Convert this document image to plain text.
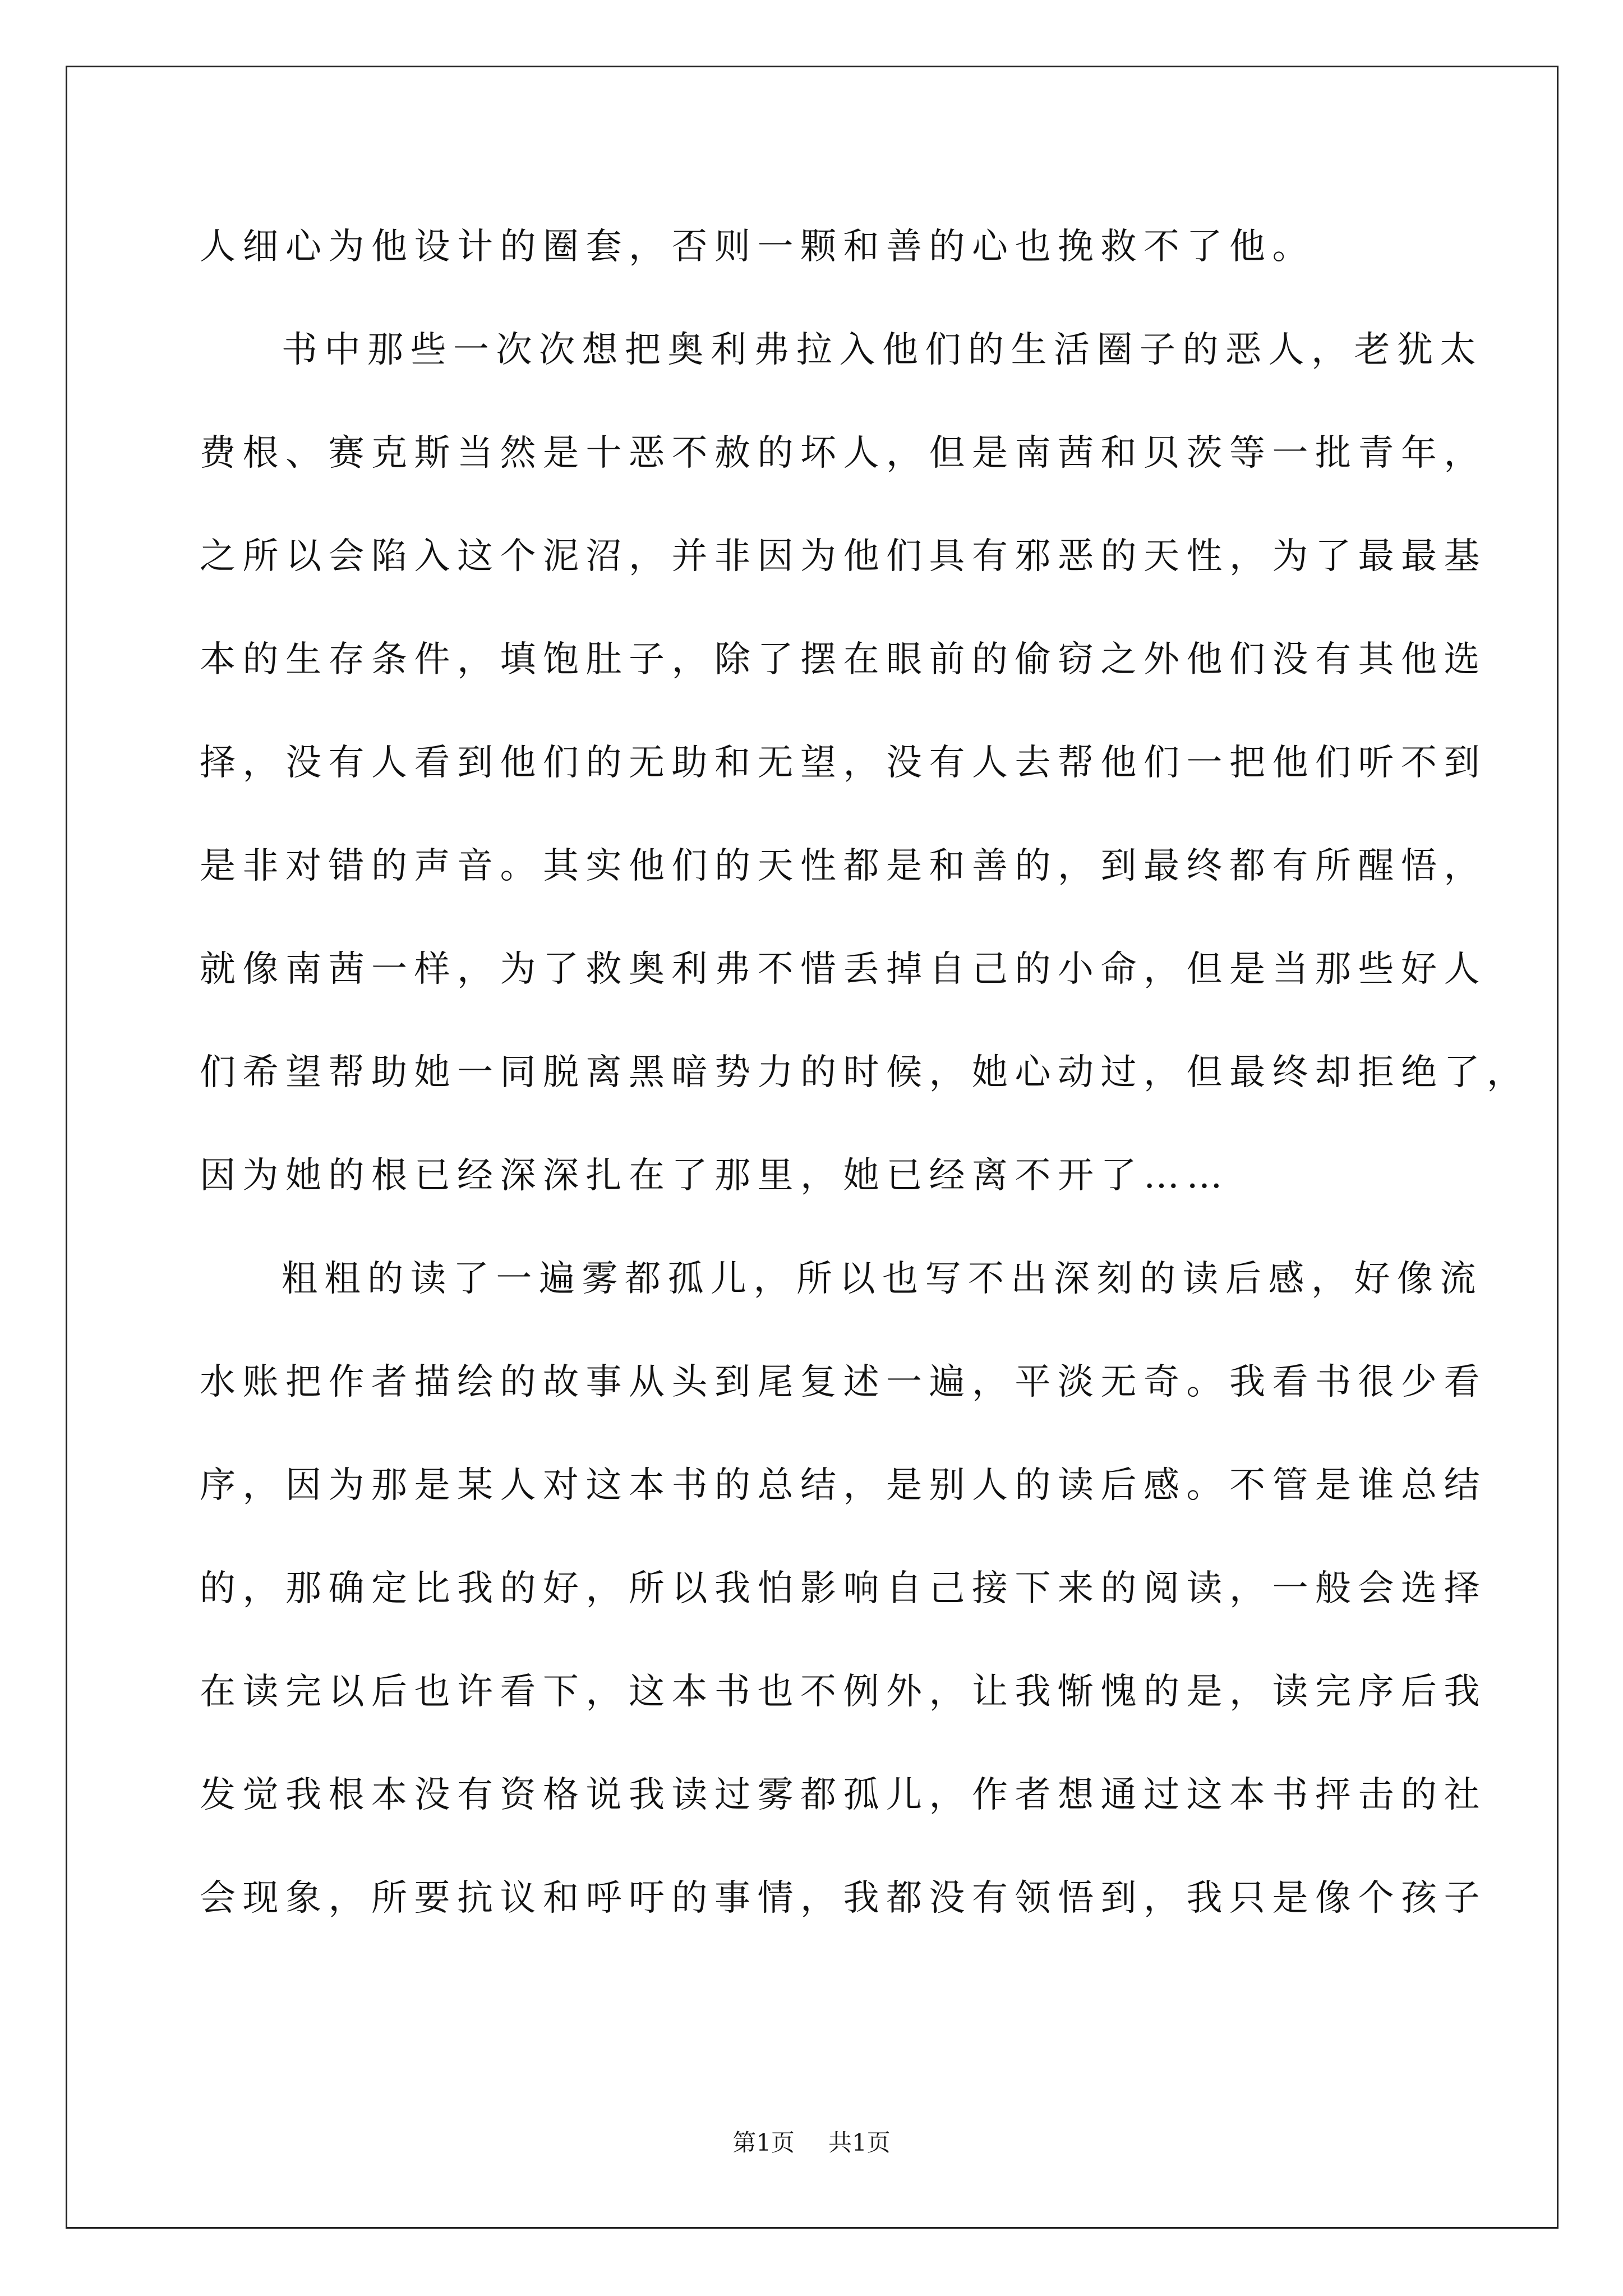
人细心为他设计的圈套，否则一颗和善的心也挽救不了他。
书中那些一次次想把奥利弗拉入他们的生活圈子的恶人，老犹太
费根、赛克斯当然是十恶不赦的坏人，但是南茜和贝茨等一批青年，
之所以会陷入这个泥沼，并非因为他们具有邪恶的天性，为了最最基
本的生存条件，填饱肚子，除了摆在眼前的偷窃之外他们没有其他选
择，没有人看到他们的无助和无望，没有人去帮他们一把他们听不到
是非对错的声音。其实他们的天性都是和善的，到最终都有所醒悟，
就像南茜一样，为了救奥利弗不惜丢掉自己的小命，但是当那些好人
们希望帮助她一同脱离黑暗势力的时候，她心动过，但最终却拒绝了，
因为她的根已经深深扎在了那里，她已经离不开了……
粗粗的读了一遍雾都孤儿，所以也写不出深刻的读后感，好像流
水账把作者描绘的故事从头到尾复述一遍，平淡无奇。我看书很少看
序，因为那是某人对这本书的总结，是别人的读后感。不管是谁总结
的，那确定比我的好，所以我怕影响自己接下来的阅读，一般会选择
在读完以后也许看下，这本书也不例外，让我惭愧的是，读完序后我
发觉我根本没有资格说我读过雾都孤儿，作者想通过这本书抨击的社
会现象，所要抗议和呼吁的事情，我都没有领悟到，我只是像个孩子
第1页 共1页
